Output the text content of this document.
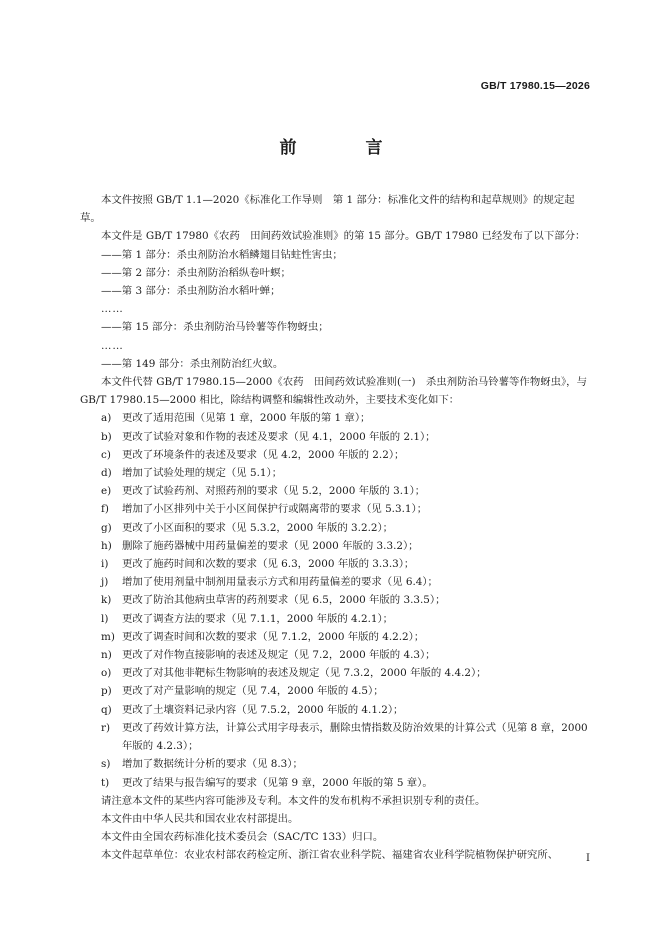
GB/T 17980.15—2026
前　言

本文件按照 GB/T 1.1—2020《标准化工作导则　第 1 部分：标准化文件的结构和起草规则》的规定起草。

本文件是 GB/T 17980《农药　田间药效试验准则》的第 15 部分。GB/T 17980 已经发布了以下部分：

——第 1 部分：杀虫剂防治水稻鳞翅目钻蛀性害虫；

——第 2 部分：杀虫剂防治稻纵卷叶螟；

——第 3 部分：杀虫剂防治水稻叶蝉；

……

——第 15 部分：杀虫剂防治马铃薯等作物蚜虫；

……

——第 149 部分：杀虫剂防治红火蚁。

本文件代替 GB/T 17980.15—2000《农药　田间药效试验准则(一)　杀虫剂防治马铃薯等作物蚜虫》，与 GB/T 17980.15—2000 相比，除结构调整和编辑性改动外，主要技术变化如下：

a)	更改了适用范围（见第 1 章，2000 年版的第 1 章）；
b) 更改了试验对象和作物的表述及要求（见 4.1，2000 年版的 2.1）；
c)	更改了环境条件的表述及要求（见 4.2，2000 年版的 2.2）；
d) 增加了试验处理的规定（见 5.1）；
e)	更改了试验药剂、对照药剂的要求（见 5.2，2000 年版的 3.1）；
f)	增加了小区排列中关于小区间保护行或隔离带的要求（见 5.3.1）；
g) 更改了小区面积的要求（见 5.3.2，2000 年版的 3.2.2）；
h) 删除了施药器械中用药量偏差的要求（见 2000 年版的 3.3.2）；
i)	更改了施药时间和次数的要求（见 6.3，2000 年版的 3.3.3）；
j)	增加了使用剂量中制剂用量表示方式和用药量偏差的要求（见 6.4）；
k)	更改了防治其他病虫草害的药剂要求（见 6.5，2000 年版的 3.3.5）；
l)	更改了调查方法的要求（见 7.1.1，2000 年版的 4.2.1）；
m) 更改了调查时间和次数的要求（见 7.1.2，2000 年版的 4.2.2）；
n) 更改了对作物直接影响的表述及规定（见 7.2，2000 年版的 4.3）；
o)	更改了对其他非靶标生物影响的表述及规定（见 7.3.2，2000 年版的 4.4.2）；
p) 更改了对产量影响的规定（见 7.4，2000 年版的 4.5）；
q) 更改了土壤资料记录内容（见 7.5.2，2000 年版的 4.1.2）；
r)	更改了药效计算方法，计算公式用字母表示，删除虫情指数及防治效果的计算公式（见第 8 章，2000 年版的 4.2.3）；
s)	增加了数据统计分析的要求（见 8.3）；
t)	更改了结果与报告编写的要求（见第 9 章，2000 年版的第 5 章）。

请注意本文件的某些内容可能涉及专利。本文件的发布机构不承担识别专利的责任。

本文件由中华人民共和国农业农村部提出。

本文件由全国农药标准化技术委员会（SAC/TC 133）归口。

本文件起草单位：农业农村部农药检定所、浙江省农业科学院、福建省农业科学院植物保护研究所、	Ⅰ
